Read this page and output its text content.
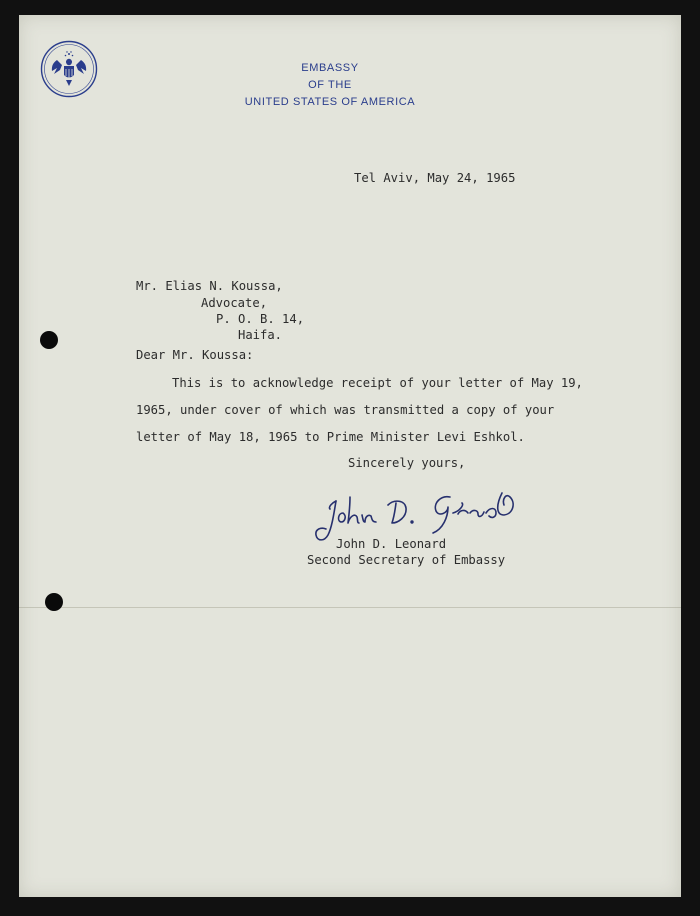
EMBASSY
OF THE
UNITED STATES OF AMERICA
Tel Aviv, May 24, 1965
Mr. Elias N. Koussa,
Advocate,
P. O. B. 14,
Haifa.
Dear Mr. Koussa:
This is to acknowledge receipt of your letter of May 19,
1965, under cover of which was transmitted a copy of your
letter of May 18, 1965 to Prime Minister Levi Eshkol.
Sincerely yours,
John D. Leonard
Second Secretary of Embassy
